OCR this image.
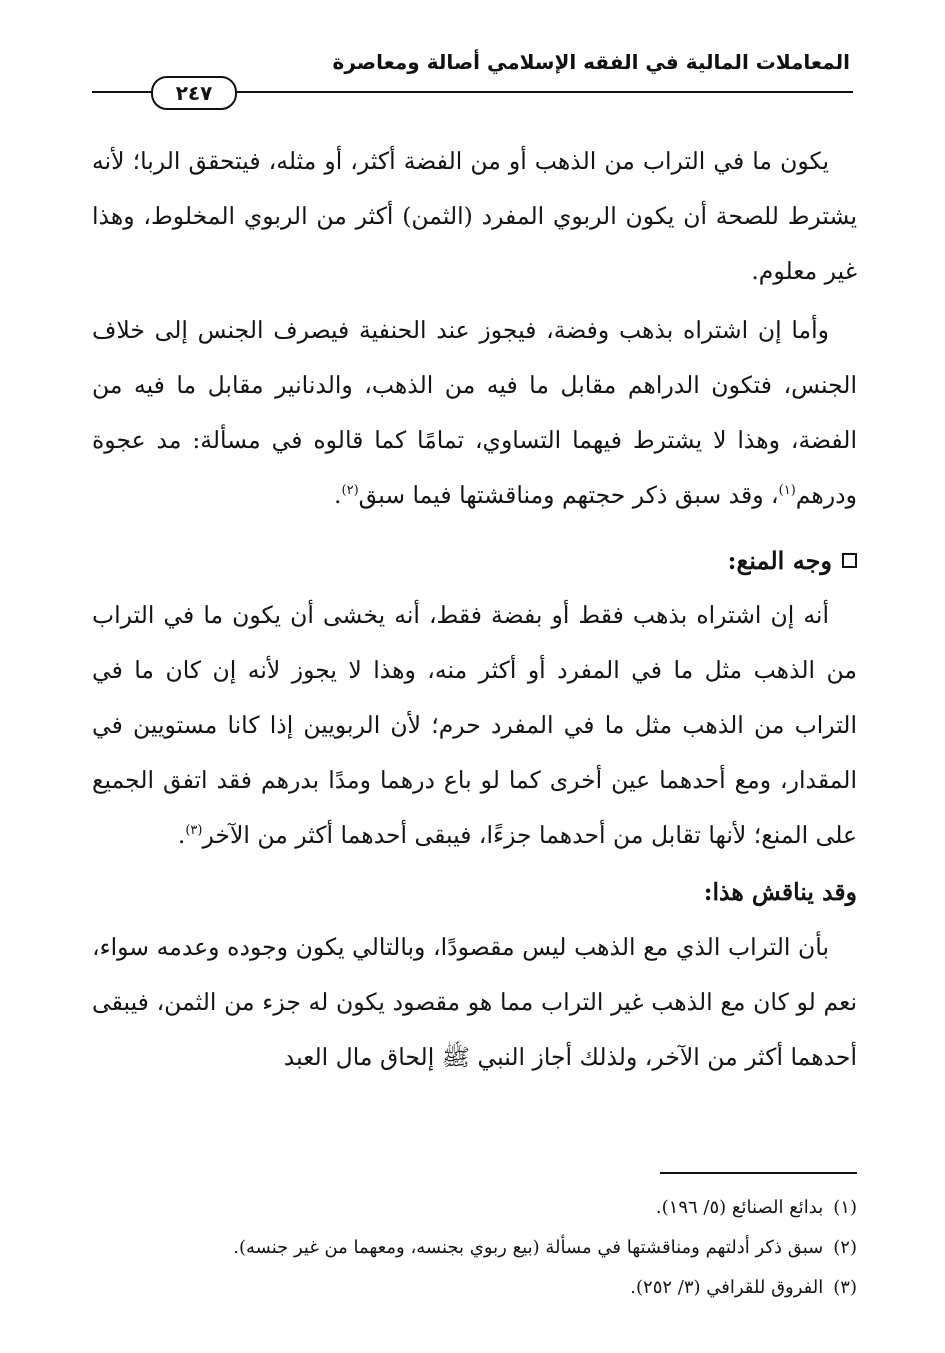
المعاملات المالية في الفقه الإسلامي أصالة ومعاصرة
٢٤٧

يكون ما في التراب من الذهب أو من الفضة أكثر، أو مثله، فيتحقق الربا؛ لأنه يشترط للصحة أن يكون الربوي المفرد (الثمن) أكثر من الربوي المخلوط، وهذا غير معلوم.

وأما إن اشتراه بذهب وفضة، فيجوز عند الحنفية فيصرف الجنس إلى خلاف الجنس، فتكون الدراهم مقابل ما فيه من الذهب، والدنانير مقابل ما فيه من الفضة، وهذا لا يشترط فيهما التساوي، تمامًا كما قالوه في مسألة: مد عجوة ودرهم$^{(١)}$، وقد سبق ذكر حجتهم ومناقشتها فيما سبق$^{(٢)}$.

وجه المنع:

أنه إن اشتراه بذهب فقط أو بفضة فقط، أنه يخشى أن يكون ما في التراب من الذهب مثل ما في المفرد أو أكثر منه، وهذا لا يجوز لأنه إن كان ما في التراب من الذهب مثل ما في المفرد حرم؛ لأن الربويين إذا كانا مستويين في المقدار، ومع أحدهما عين أخرى كما لو باع درهما ومدًا بدرهم فقد اتفق الجميع على المنع؛ لأنها تقابل من أحدهما جزءًا، فيبقى أحدهما أكثر من الآخر$^{(٣)}$.

وقد يناقش هذا:

بأن التراب الذي مع الذهب ليس مقصودًا، وبالتالي يكون وجوده وعدمه سواء، نعم لو كان مع الذهب غير التراب مما هو مقصود يكون له جزء من الثمن، فيبقى أحدهما أكثر من الآخر، ولذلك أجاز النبي ﷺ إلحاق مال العبد

(١)
بدائع الصنائع (٥/ ١٩٦).
(٢)
سبق ذكر أدلتهم ومناقشتها في مسألة (بيع ربوي بجنسه، ومعهما من غير جنسه).
(٣)
الفروق للقرافي (٣/ ٢٥٢).
